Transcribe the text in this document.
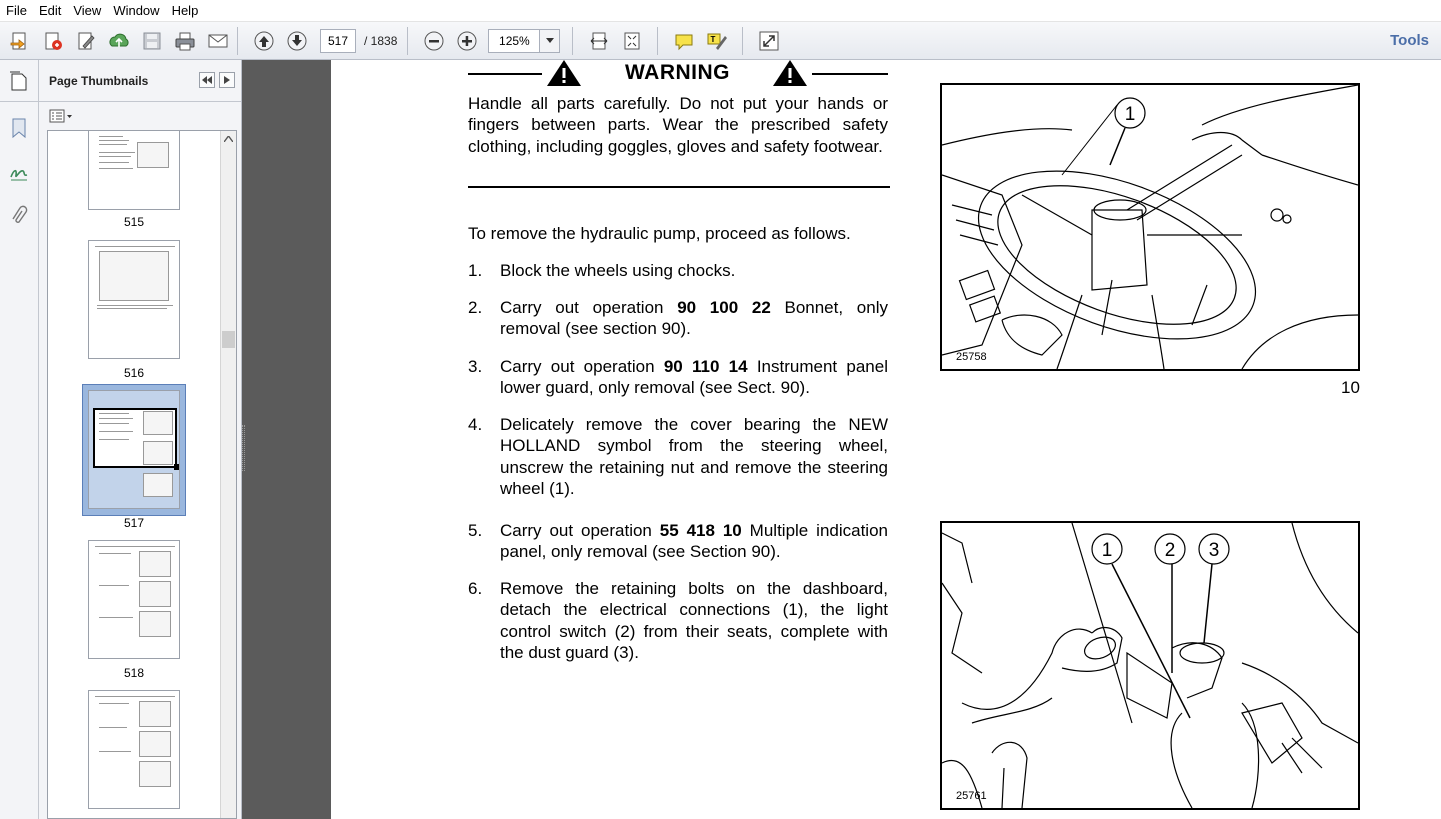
File Edit View Window Help
517
/ 1838
125%	T	Tools
Page Thumbnails
515
516
517
518
WARNING
Handle all parts carefully. Do not put your hands or fingers between parts. Wear the prescribed safety clothing, including goggles, gloves and safety footwear.
To remove the hydraulic pump, proceed as follows.
1.	Block the wheels using chocks.
2.	Carry out operation 90 100 22 Bonnet, only removal (see section 90).
3.	Carry out operation 90 110 14 Instrument panel lower guard, only removal (see Sect. 90).
4.	Delicately remove the cover bearing the NEW HOLLAND symbol from the steering wheel, unscrew the retaining nut and remove the steering wheel (1).
5.	Carry out operation 55 418 10 Multiple indication panel, only removal (see Section 90).
6.	Remove the retaining bolts on the dashboard, detach the electrical connections (1), the light control switch (2) from their seats, complete with the dust guard (3).
1
25758
10
1	2 3
25761
